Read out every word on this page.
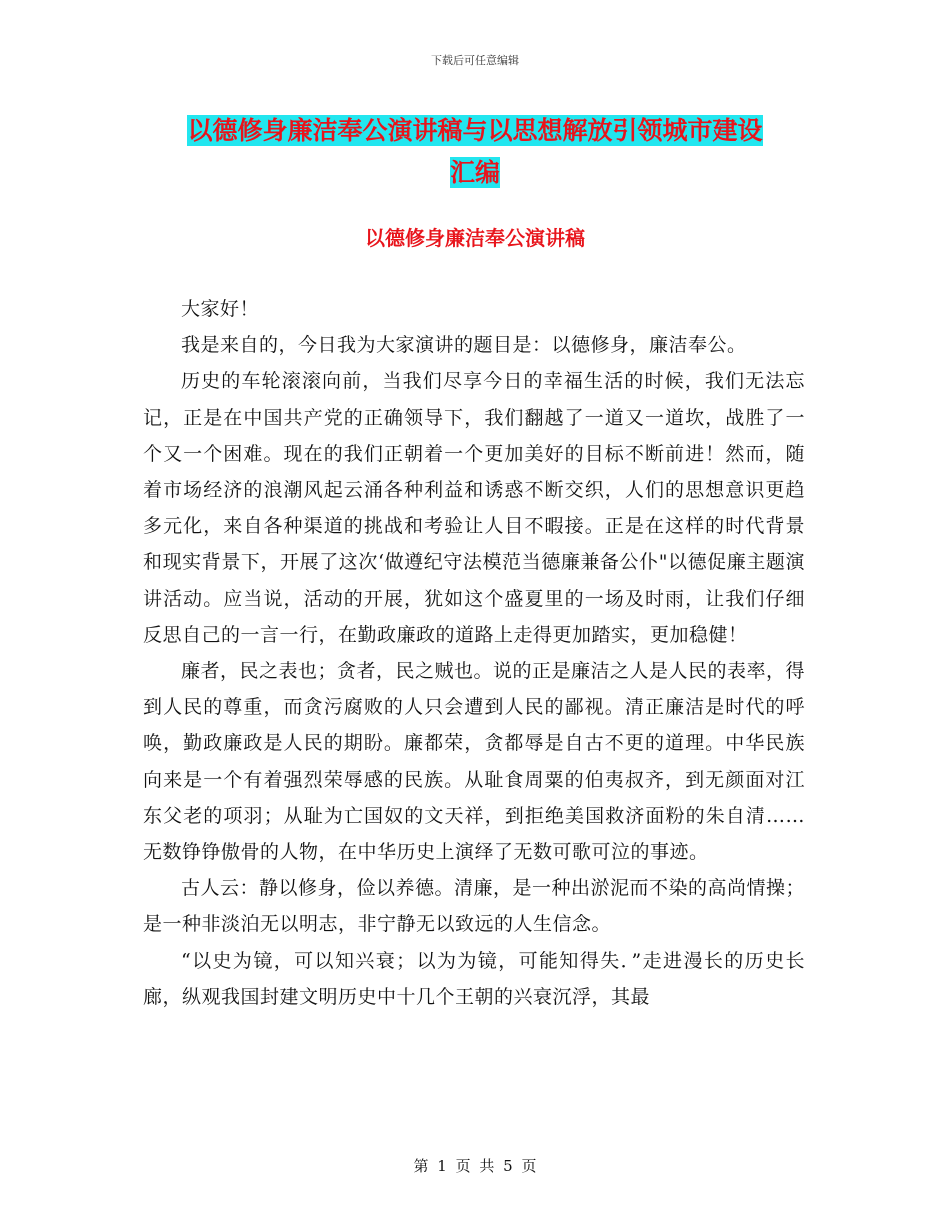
下载后可任意编辑
以德修身廉洁奉公演讲稿与以思想解放引领城市建设
汇编
以德修身廉洁奉公演讲稿

大家好！

我是来自的，今日我为大家演讲的题目是：以德修身，廉洁奉公。

历史的车轮滚滚向前，当我们尽享今日的幸福生活的时候，我们无法忘记，正是在中国共产党的正确领导下，我们翻越了一道又一道坎，战胜了一个又一个困难。现在的我们正朝着一个更加美好的目标不断前进！然而，随着市场经济的浪潮风起云涌各种利益和诱惑不断交织，人们的思想意识更趋多元化，来自各种渠道的挑战和考验让人目不暇接。正是在这样的时代背景和现实背景下，开展了这次‘做遵纪守法模范当德廉兼备公仆"以德促廉主题演讲活动。应当说，活动的开展，犹如这个盛夏里的一场及时雨，让我们仔细反思自己的一言一行，在勤政廉政的道路上走得更加踏实，更加稳健！

廉者，民之表也；贪者，民之贼也。说的正是廉洁之人是人民的表率，得到人民的尊重，而贪污腐败的人只会遭到人民的鄙视。清正廉洁是时代的呼唤，勤政廉政是人民的期盼。廉都荣，贪都辱是自古不更的道理。中华民族向来是一个有着强烈荣辱感的民族。从耻食周粟的伯夷叔齐，到无颜面对江东父老的项羽；从耻为亡国奴的文天祥，到拒绝美国救济面粉的朱自清……无数铮铮傲骨的人物，在中华历史上演绎了无数可歌可泣的事迹。

古人云：静以修身，俭以养德。清廉，是一种出淤泥而不染的高尚情操；是一种非淡泊无以明志，非宁静无以致远的人生信念。

“以史为镜，可以知兴衰；以为为镜，可能知得失．”走进漫长的历史长廊，纵观我国封建文明历史中十几个王朝的兴衰沉浮，其最

第 1 页 共 5 页
